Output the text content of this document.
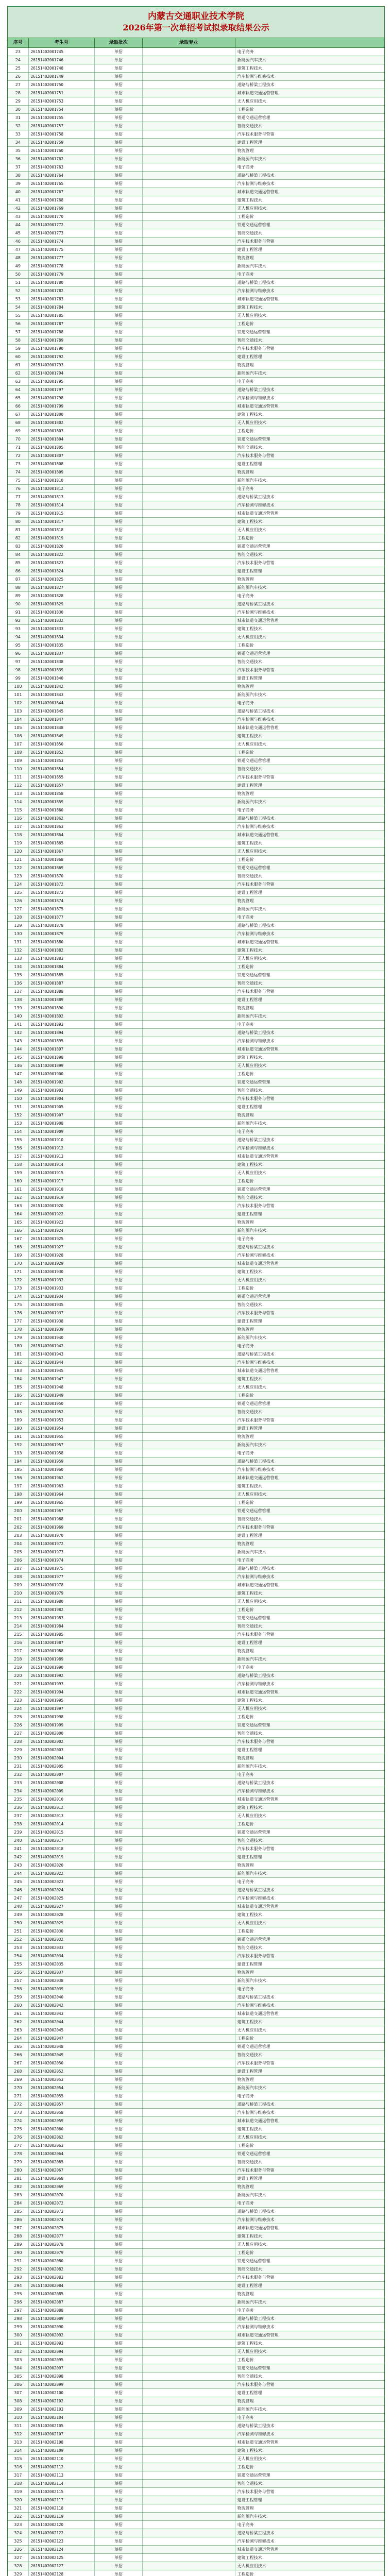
内蒙古交通职业技术学院
2026年第一次单招考试拟录取结果公示
序号	考生号	录取批次	录取专业
23	26151402001745	单招	电子商务
24	26151402001746	单招	新能源汽车技术
25	26151402001748	单招	建筑工程技术
26	26151402001749	单招	汽车检测与维修技术
27	26151402001750	单招	道路与桥梁工程技术
28	26151402001751	单招	城市轨道交通运营管理
29	26151402001753	单招	无人机应用技术
30	26151402001754	单招	工程造价
31	26151402001755	单招	铁道交通运营管理
32	26151402001757	单招	智能交通技术
33	26151402001758	单招	汽车技术服务与营销
34	26151402001759	单招	建设工程管理
35	26151402001760	单招	物流管理
36	26151402001762	单招	新能源汽车技术
37	26151402001763	单招	电子商务
38	26151402001764	单招	道路与桥梁工程技术
39	26151402001765	单招	汽车检测与维修技术
40	26151402001767	单招	城市轨道交通运营管理
41	26151402001768	单招	建筑工程技术
42	26151402001769	单招	无人机应用技术
43	26151402001770	单招	工程造价
44	26151402001772	单招	铁道交通运营管理
45	26151402001773	单招	智能交通技术
46	26151402001774	单招	汽车技术服务与营销
47	26151402001775	单招	建设工程管理
48	26151402001777	单招	物流管理
49	26151402001778	单招	新能源汽车技术
50	26151402001779	单招	电子商务
51	26151402001780	单招	道路与桥梁工程技术
52	26151402001782	单招	汽车检测与维修技术
53	26151402001783	单招	城市轨道交通运营管理
54	26151402001784	单招	建筑工程技术
55	26151402001785	单招	无人机应用技术
56	26151402001787	单招	工程造价
57	26151402001788	单招	铁道交通运营管理
58	26151402001789	单招	智能交通技术
59	26151402001790	单招	汽车技术服务与营销
60	26151402001792	单招	建设工程管理
61	26151402001793	单招	物流管理
62	26151402001794	单招	新能源汽车技术
63	26151402001795	单招	电子商务
64	26151402001797	单招	道路与桥梁工程技术
65	26151402001798	单招	汽车检测与维修技术
66	26151402001799	单招	城市轨道交通运营管理
67	26151402001800	单招	建筑工程技术
68	26151402001802	单招	无人机应用技术
69	26151402001803	单招	工程造价
70	26151402001804	单招	铁道交通运营管理
71	26151402001805	单招	智能交通技术
72	26151402001807	单招	汽车技术服务与营销
73	26151402001808	单招	建设工程管理
74	26151402001809	单招	物流管理
75	26151402001810	单招	新能源汽车技术
76	26151402001812	单招	电子商务
77	26151402001813	单招	道路与桥梁工程技术
78	26151402001814	单招	汽车检测与维修技术
79	26151402001815	单招	城市轨道交通运营管理
80	26151402001817	单招	建筑工程技术
81	26151402001818	单招	无人机应用技术
82	26151402001819	单招	工程造价
83	26151402001820	单招	铁道交通运营管理
84	26151402001822	单招	智能交通技术
85	26151402001823	单招	汽车技术服务与营销
86	26151402001824	单招	建设工程管理
87	26151402001825	单招	物流管理
88	26151402001827	单招	新能源汽车技术
89	26151402001828	单招	电子商务
90	26151402001829	单招	道路与桥梁工程技术
91	26151402001830	单招	汽车检测与维修技术
92	26151402001832	单招	城市轨道交通运营管理
93	26151402001833	单招	建筑工程技术
94	26151402001834	单招	无人机应用技术
95	26151402001835	单招	工程造价
96	26151402001837	单招	铁道交通运营管理
97	26151402001838	单招	智能交通技术
98	26151402001839	单招	汽车技术服务与营销
99	26151402001840	单招	建设工程管理
100	26151402001842	单招	物流管理
101	26151402001843	单招	新能源汽车技术
102	26151402001844	单招	电子商务
103	26151402001845	单招	道路与桥梁工程技术
104	26151402001847	单招	汽车检测与维修技术
105	26151402001848	单招	城市轨道交通运营管理
106	26151402001849	单招	建筑工程技术
107	26151402001850	单招	无人机应用技术
108	26151402001852	单招	工程造价
109	26151402001853	单招	铁道交通运营管理
110	26151402001854	单招	智能交通技术
111	26151402001855	单招	汽车技术服务与营销
112	26151402001857	单招	建设工程管理
113	26151402001858	单招	物流管理
114	26151402001859	单招	新能源汽车技术
115	26151402001860	单招	电子商务
116	26151402001862	单招	道路与桥梁工程技术
117	26151402001863	单招	汽车检测与维修技术
118	26151402001864	单招	城市轨道交通运营管理
119	26151402001865	单招	建筑工程技术
120	26151402001867	单招	无人机应用技术
121	26151402001868	单招	工程造价
122	26151402001869	单招	铁道交通运营管理
123	26151402001870	单招	智能交通技术
124	26151402001872	单招	汽车技术服务与营销
125	26151402001873	单招	建设工程管理
126	26151402001874	单招	物流管理
127	26151402001875	单招	新能源汽车技术
128	26151402001877	单招	电子商务
129	26151402001878	单招	道路与桥梁工程技术
130	26151402001879	单招	汽车检测与维修技术
131	26151402001880	单招	城市轨道交通运营管理
132	26151402001882	单招	建筑工程技术
133	26151402001883	单招	无人机应用技术
134	26151402001884	单招	工程造价
135	26151402001885	单招	铁道交通运营管理
136	26151402001887	单招	智能交通技术
137	26151402001888	单招	汽车技术服务与营销
138	26151402001889	单招	建设工程管理
139	26151402001890	单招	物流管理
140	26151402001892	单招	新能源汽车技术
141	26151402001893	单招	电子商务
142	26151402001894	单招	道路与桥梁工程技术
143	26151402001895	单招	汽车检测与维修技术
144	26151402001897	单招	城市轨道交通运营管理
145	26151402001898	单招	建筑工程技术
146	26151402001899	单招	无人机应用技术
147	26151402001900	单招	工程造价
148	26151402001902	单招	铁道交通运营管理
149	26151402001903	单招	智能交通技术
150	26151402001904	单招	汽车技术服务与营销
151	26151402001905	单招	建设工程管理
152	26151402001907	单招	物流管理
153	26151402001908	单招	新能源汽车技术
154	26151402001909	单招	电子商务
155	26151402001910	单招	道路与桥梁工程技术
156	26151402001912	单招	汽车检测与维修技术
157	26151402001913	单招	城市轨道交通运营管理
158	26151402001914	单招	建筑工程技术
159	26151402001915	单招	无人机应用技术
160	26151402001917	单招	工程造价
161	26151402001918	单招	铁道交通运营管理
162	26151402001919	单招	智能交通技术
163	26151402001920	单招	汽车技术服务与营销
164	26151402001922	单招	建设工程管理
165	26151402001923	单招	物流管理
166	26151402001924	单招	新能源汽车技术
167	26151402001925	单招	电子商务
168	26151402001927	单招	道路与桥梁工程技术
169	26151402001928	单招	汽车检测与维修技术
170	26151402001929	单招	城市轨道交通运营管理
171	26151402001930	单招	建筑工程技术
172	26151402001932	单招	无人机应用技术
173	26151402001933	单招	工程造价
174	26151402001934	单招	铁道交通运营管理
175	26151402001935	单招	智能交通技术
176	26151402001937	单招	汽车技术服务与营销
177	26151402001938	单招	建设工程管理
178	26151402001939	单招	物流管理
179	26151402001940	单招	新能源汽车技术
180	26151402001942	单招	电子商务
181	26151402001943	单招	道路与桥梁工程技术
182	26151402001944	单招	汽车检测与维修技术
183	26151402001945	单招	城市轨道交通运营管理
184	26151402001947	单招	建筑工程技术
185	26151402001948	单招	无人机应用技术
186	26151402001949	单招	工程造价
187	26151402001950	单招	铁道交通运营管理
188	26151402001952	单招	智能交通技术
189	26151402001953	单招	汽车技术服务与营销
190	26151402001954	单招	建设工程管理
191	26151402001955	单招	物流管理
192	26151402001957	单招	新能源汽车技术
193	26151402001958	单招	电子商务
194	26151402001959	单招	道路与桥梁工程技术
195	26151402001960	单招	汽车检测与维修技术
196	26151402001962	单招	城市轨道交通运营管理
197	26151402001963	单招	建筑工程技术
198	26151402001964	单招	无人机应用技术
199	26151402001965	单招	工程造价
200	26151402001967	单招	铁道交通运营管理
201	26151402001968	单招	智能交通技术
202	26151402001969	单招	汽车技术服务与营销
203	26151402001970	单招	建设工程管理
204	26151402001972	单招	物流管理
205	26151402001973	单招	新能源汽车技术
206	26151402001974	单招	电子商务
207	26151402001975	单招	道路与桥梁工程技术
208	26151402001977	单招	汽车检测与维修技术
209	26151402001978	单招	城市轨道交通运营管理
210	26151402001979	单招	建筑工程技术
211	26151402001980	单招	无人机应用技术
212	26151402001982	单招	工程造价
213	26151402001983	单招	铁道交通运营管理
214	26151402001984	单招	智能交通技术
215	26151402001985	单招	汽车技术服务与营销
216	26151402001987	单招	建设工程管理
217	26151402001988	单招	物流管理
218	26151402001989	单招	新能源汽车技术
219	26151402001990	单招	电子商务
220	26151402001992	单招	道路与桥梁工程技术
221	26151402001993	单招	汽车检测与维修技术
222	26151402001994	单招	城市轨道交通运营管理
223	26151402001995	单招	建筑工程技术
224	26151402001997	单招	无人机应用技术
225	26151402001998	单招	工程造价
226	26151402001999	单招	铁道交通运营管理
227	26151402002000	单招	智能交通技术
228	26151402002002	单招	汽车技术服务与营销
229	26151402002003	单招	建设工程管理
230	26151402002004	单招	物流管理
231	26151402002005	单招	新能源汽车技术
232	26151402002007	单招	电子商务
233	26151402002008	单招	道路与桥梁工程技术
234	26151402002009	单招	汽车检测与维修技术
235	26151402002010	单招	城市轨道交通运营管理
236	26151402002012	单招	建筑工程技术
237	26151402002013	单招	无人机应用技术
238	26151402002014	单招	工程造价
239	26151402002015	单招	铁道交通运营管理
240	26151402002017	单招	智能交通技术
241	26151402002018	单招	汽车技术服务与营销
242	26151402002019	单招	建设工程管理
243	26151402002020	单招	物流管理
244	26151402002022	单招	新能源汽车技术
245	26151402002023	单招	电子商务
246	26151402002024	单招	道路与桥梁工程技术
247	26151402002025	单招	汽车检测与维修技术
248	26151402002027	单招	城市轨道交通运营管理
249	26151402002028	单招	建筑工程技术
250	26151402002029	单招	无人机应用技术
251	26151402002030	单招	工程造价
252	26151402002032	单招	铁道交通运营管理
253	26151402002033	单招	智能交通技术
254	26151402002034	单招	汽车技术服务与营销
255	26151402002035	单招	建设工程管理
256	26151402002037	单招	物流管理
257	26151402002038	单招	新能源汽车技术
258	26151402002039	单招	电子商务
259	26151402002040	单招	道路与桥梁工程技术
260	26151402002042	单招	汽车检测与维修技术
261	26151402002043	单招	城市轨道交通运营管理
262	26151402002044	单招	建筑工程技术
263	26151402002045	单招	无人机应用技术
264	26151402002047	单招	工程造价
265	26151402002048	单招	铁道交通运营管理
266	26151402002049	单招	智能交通技术
267	26151402002050	单招	汽车技术服务与营销
268	26151402002052	单招	建设工程管理
269	26151402002053	单招	物流管理
270	26151402002054	单招	新能源汽车技术
271	26151402002055	单招	电子商务
272	26151402002057	单招	道路与桥梁工程技术
273	26151402002058	单招	汽车检测与维修技术
274	26151402002059	单招	城市轨道交通运营管理
275	26151402002060	单招	建筑工程技术
276	26151402002062	单招	无人机应用技术
277	26151402002063	单招	工程造价
278	26151402002064	单招	铁道交通运营管理
279	26151402002065	单招	智能交通技术
280	26151402002067	单招	汽车技术服务与营销
281	26151402002068	单招	建设工程管理
282	26151402002069	单招	物流管理
283	26151402002070	单招	新能源汽车技术
284	26151402002072	单招	电子商务
285	26151402002073	单招	道路与桥梁工程技术
286	26151402002074	单招	汽车检测与维修技术
287	26151402002075	单招	城市轨道交通运营管理
288	26151402002077	单招	建筑工程技术
289	26151402002078	单招	无人机应用技术
290	26151402002079	单招	工程造价
291	26151402002080	单招	铁道交通运营管理
292	26151402002082	单招	智能交通技术
293	26151402002083	单招	汽车技术服务与营销
294	26151402002084	单招	建设工程管理
295	26151402002085	单招	物流管理
296	26151402002087	单招	新能源汽车技术
297	26151402002088	单招	电子商务
298	26151402002089	单招	道路与桥梁工程技术
299	26151402002090	单招	汽车检测与维修技术
300	26151402002092	单招	城市轨道交通运营管理
301	26151402002093	单招	建筑工程技术
302	26151402002094	单招	无人机应用技术
303	26151402002095	单招	工程造价
304	26151402002097	单招	铁道交通运营管理
305	26151402002098	单招	智能交通技术
306	26151402002099	单招	汽车技术服务与营销
307	26151402002100	单招	建设工程管理
308	26151402002102	单招	物流管理
309	26151402002103	单招	新能源汽车技术
310	26151402002104	单招	电子商务
311	26151402002105	单招	道路与桥梁工程技术
312	26151402002107	单招	汽车检测与维修技术
313	26151402002108	单招	城市轨道交通运营管理
314	26151402002109	单招	建筑工程技术
315	26151402002110	单招	无人机应用技术
316	26151402002112	单招	工程造价
317	26151402002113	单招	铁道交通运营管理
318	26151402002114	单招	智能交通技术
319	26151402002115	单招	汽车技术服务与营销
320	26151402002117	单招	建设工程管理
321	26151402002118	单招	物流管理
322	26151402002119	单招	新能源汽车技术
323	26151402002120	单招	电子商务
324	26151402002122	单招	道路与桥梁工程技术
325	26151402002123	单招	汽车检测与维修技术
326	26151402002124	单招	城市轨道交通运营管理
327	26151402002125	单招	建筑工程技术
328	26151402002127	单招	无人机应用技术
329	26151402002128	单招	工程造价
